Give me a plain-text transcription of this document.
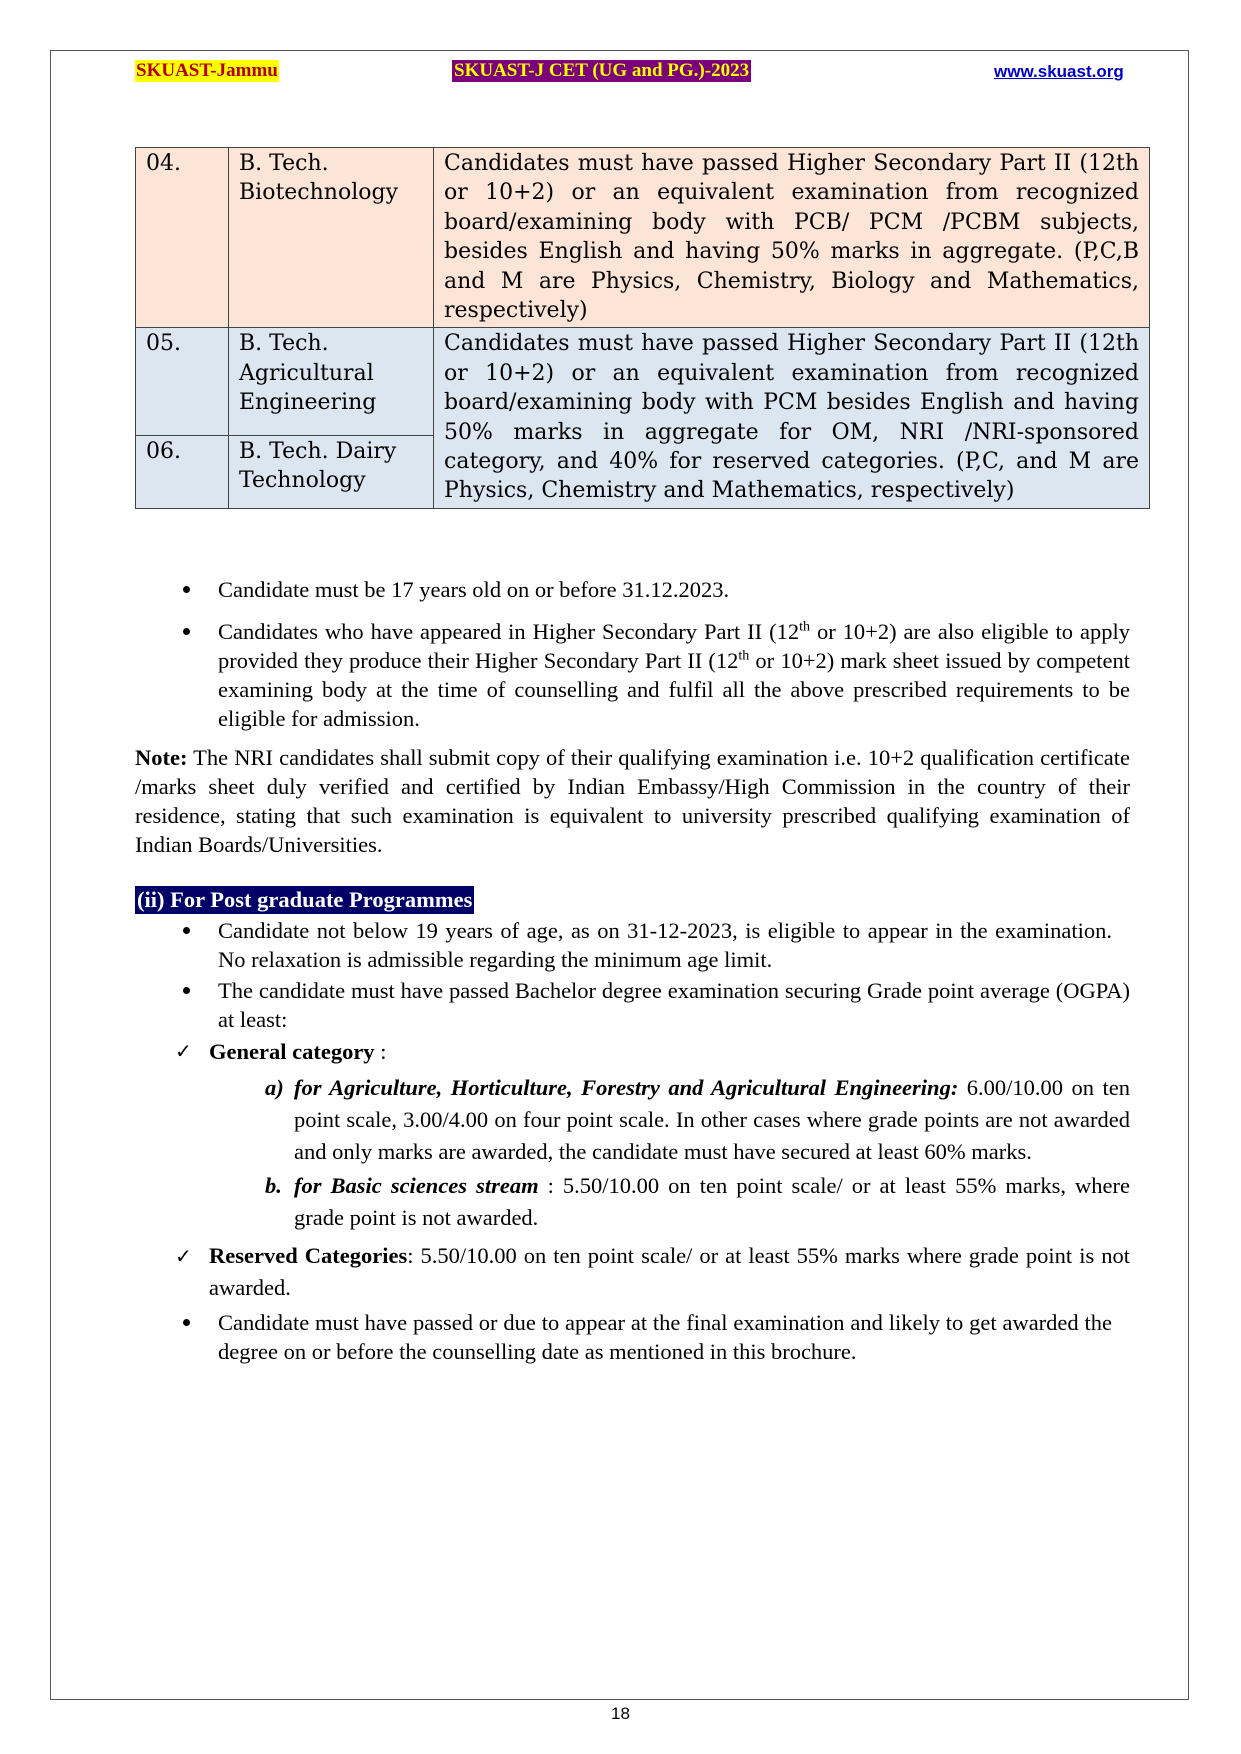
SKUAST-Jammu	SKUAST-J CET (UG and PG.)-2023	www.skuast.org
04.	B. Tech. Biotechnology	Candidates must have passed Higher Secondary Part II (12th or 10+2) or an equivalent examination from recognized board/examining body with PCB/ PCM /PCBM subjects, besides English and having 50% marks in aggregate. (P,C,B and M are Physics, Chemistry, Biology and Mathematics, respectively)
05.	B. Tech. Agricultural Engineering	Candidates must have passed Higher Secondary Part II (12th or 10+2) or an equivalent examination from recognized board/examining body with PCM besides English and having 50% marks in aggregate for OM, NRI /NRI-sponsored category, and 40% for reserved categories. (P,C, and M are Physics, Chemistry and Mathematics, respectively)
06.	B. Tech. Dairy Technology	
Candidate must be 17 years old on or before 31.12.2023.
Candidates who have appeared in Higher Secondary Part II (12th or 10+2) are also eligible to apply provided they produce their Higher Secondary Part II (12th or 10+2) mark sheet issued by competent examining body at the time of counselling and fulfil all the above prescribed requirements to be eligible for admission.
Note: The NRI candidates shall submit copy of their qualifying examination i.e. 10+2 qualification certificate /marks sheet duly verified and certified by Indian Embassy/High Commission in the country of their residence, stating that such examination is equivalent to university prescribed qualifying examination of Indian Boards/Universities.
(ii) For Post graduate Programmes
Candidate not below 19 years of age, as on 31-12-2023, is eligible to appear in the examination. No relaxation is admissible regarding the minimum age limit.
The candidate must have passed Bachelor degree examination securing Grade point average (OGPA) at least:
✓ General category :
a) for Agriculture, Horticulture, Forestry and Agricultural Engineering: 6.00/10.00 on ten point scale, 3.00/4.00 on four point scale. In other cases where grade points are not awarded and only marks are awarded, the candidate must have secured at least 60% marks.
b. for Basic sciences stream : 5.50/10.00 on ten point scale/ or at least 55% marks, where grade point is not awarded.
✓ Reserved Categories: 5.50/10.00 on ten point scale/ or at least 55% marks where grade point is not awarded.
Candidate must have passed or due to appear at the final examination and likely to get awarded the degree on or before the counselling date as mentioned in this brochure.
18
